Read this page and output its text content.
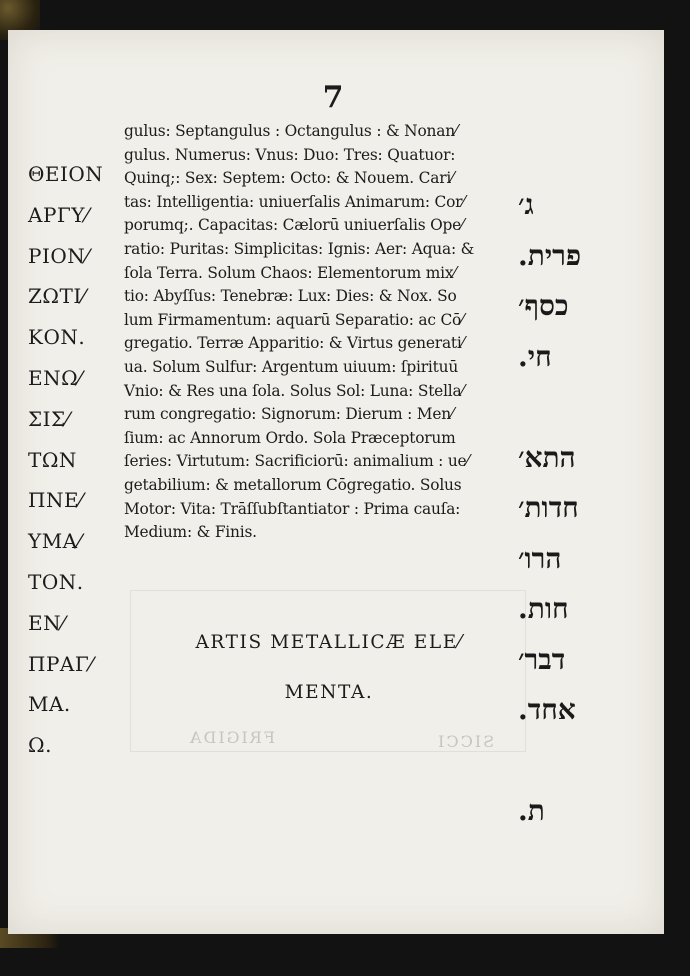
7
ΘΕΙΟΝ
ΑΡΓΥ⁄
ΡΙΟΝ⁄
ΖΩΤΙ⁄
ΚΟΝ.
ΕΝΩ⁄
ΣΙΣ⁄
ΤΩΝ
ΠΝΕ⁄
ΥΜΑ⁄
ΤΟΝ.
ΕΝ⁄
ΠΡΑΓ⁄
ΜΑ.
Ω.
gulus: Septangulus : Octangulus : & Nonan⁄
gulus. Numerus: Vnus: Duo: Tres: Quatuor:
Quinq;: Sex: Septem: Octo: & Nouem. Cari⁄
tas: Intelligentia: uniuerſalis Animarum: Cor⁄
porumq;. Capacitas: Cælorū uniuerſalis Ope⁄
ratio: Puritas: Simplicitas: Ignis: Aer: Aqua: &
ſola Terra. Solum Chaos: Elementorum mix⁄
tio: Abyſſus: Tenebræ: Lux: Dies: & Nox. So
lum Firmamentum: aquarū Separatio: ac Cō⁄
gregatio. Terræ Apparitio: & Virtus generati⁄
ua. Solum Sulfur: Argentum uiuum: ſpirituū
Vnio: & Res una ſola. Solus Sol: Luna: Stella⁄
rum congregatio: Signorum: Dierum : Men⁄
ſium: ac Annorum Ordo. Sola Præceptorum
ſeries: Virtutum: Sacrificiorū: animalium : ue⁄
getabilium: & metallorum Cōgregatio. Solus
Motor: Vita: Trāſſubſtantiator : Prima cauſa:
Medium: & Finis.
FRIGIDA	SICCI
ARTIS METALLICÆ ELE⁄
MENTA.
ג׳
פרית.
כסף׳
חי.
התא׳
חדות׳
הרו׳
חות.
דבר׳
אחד.
ת.
